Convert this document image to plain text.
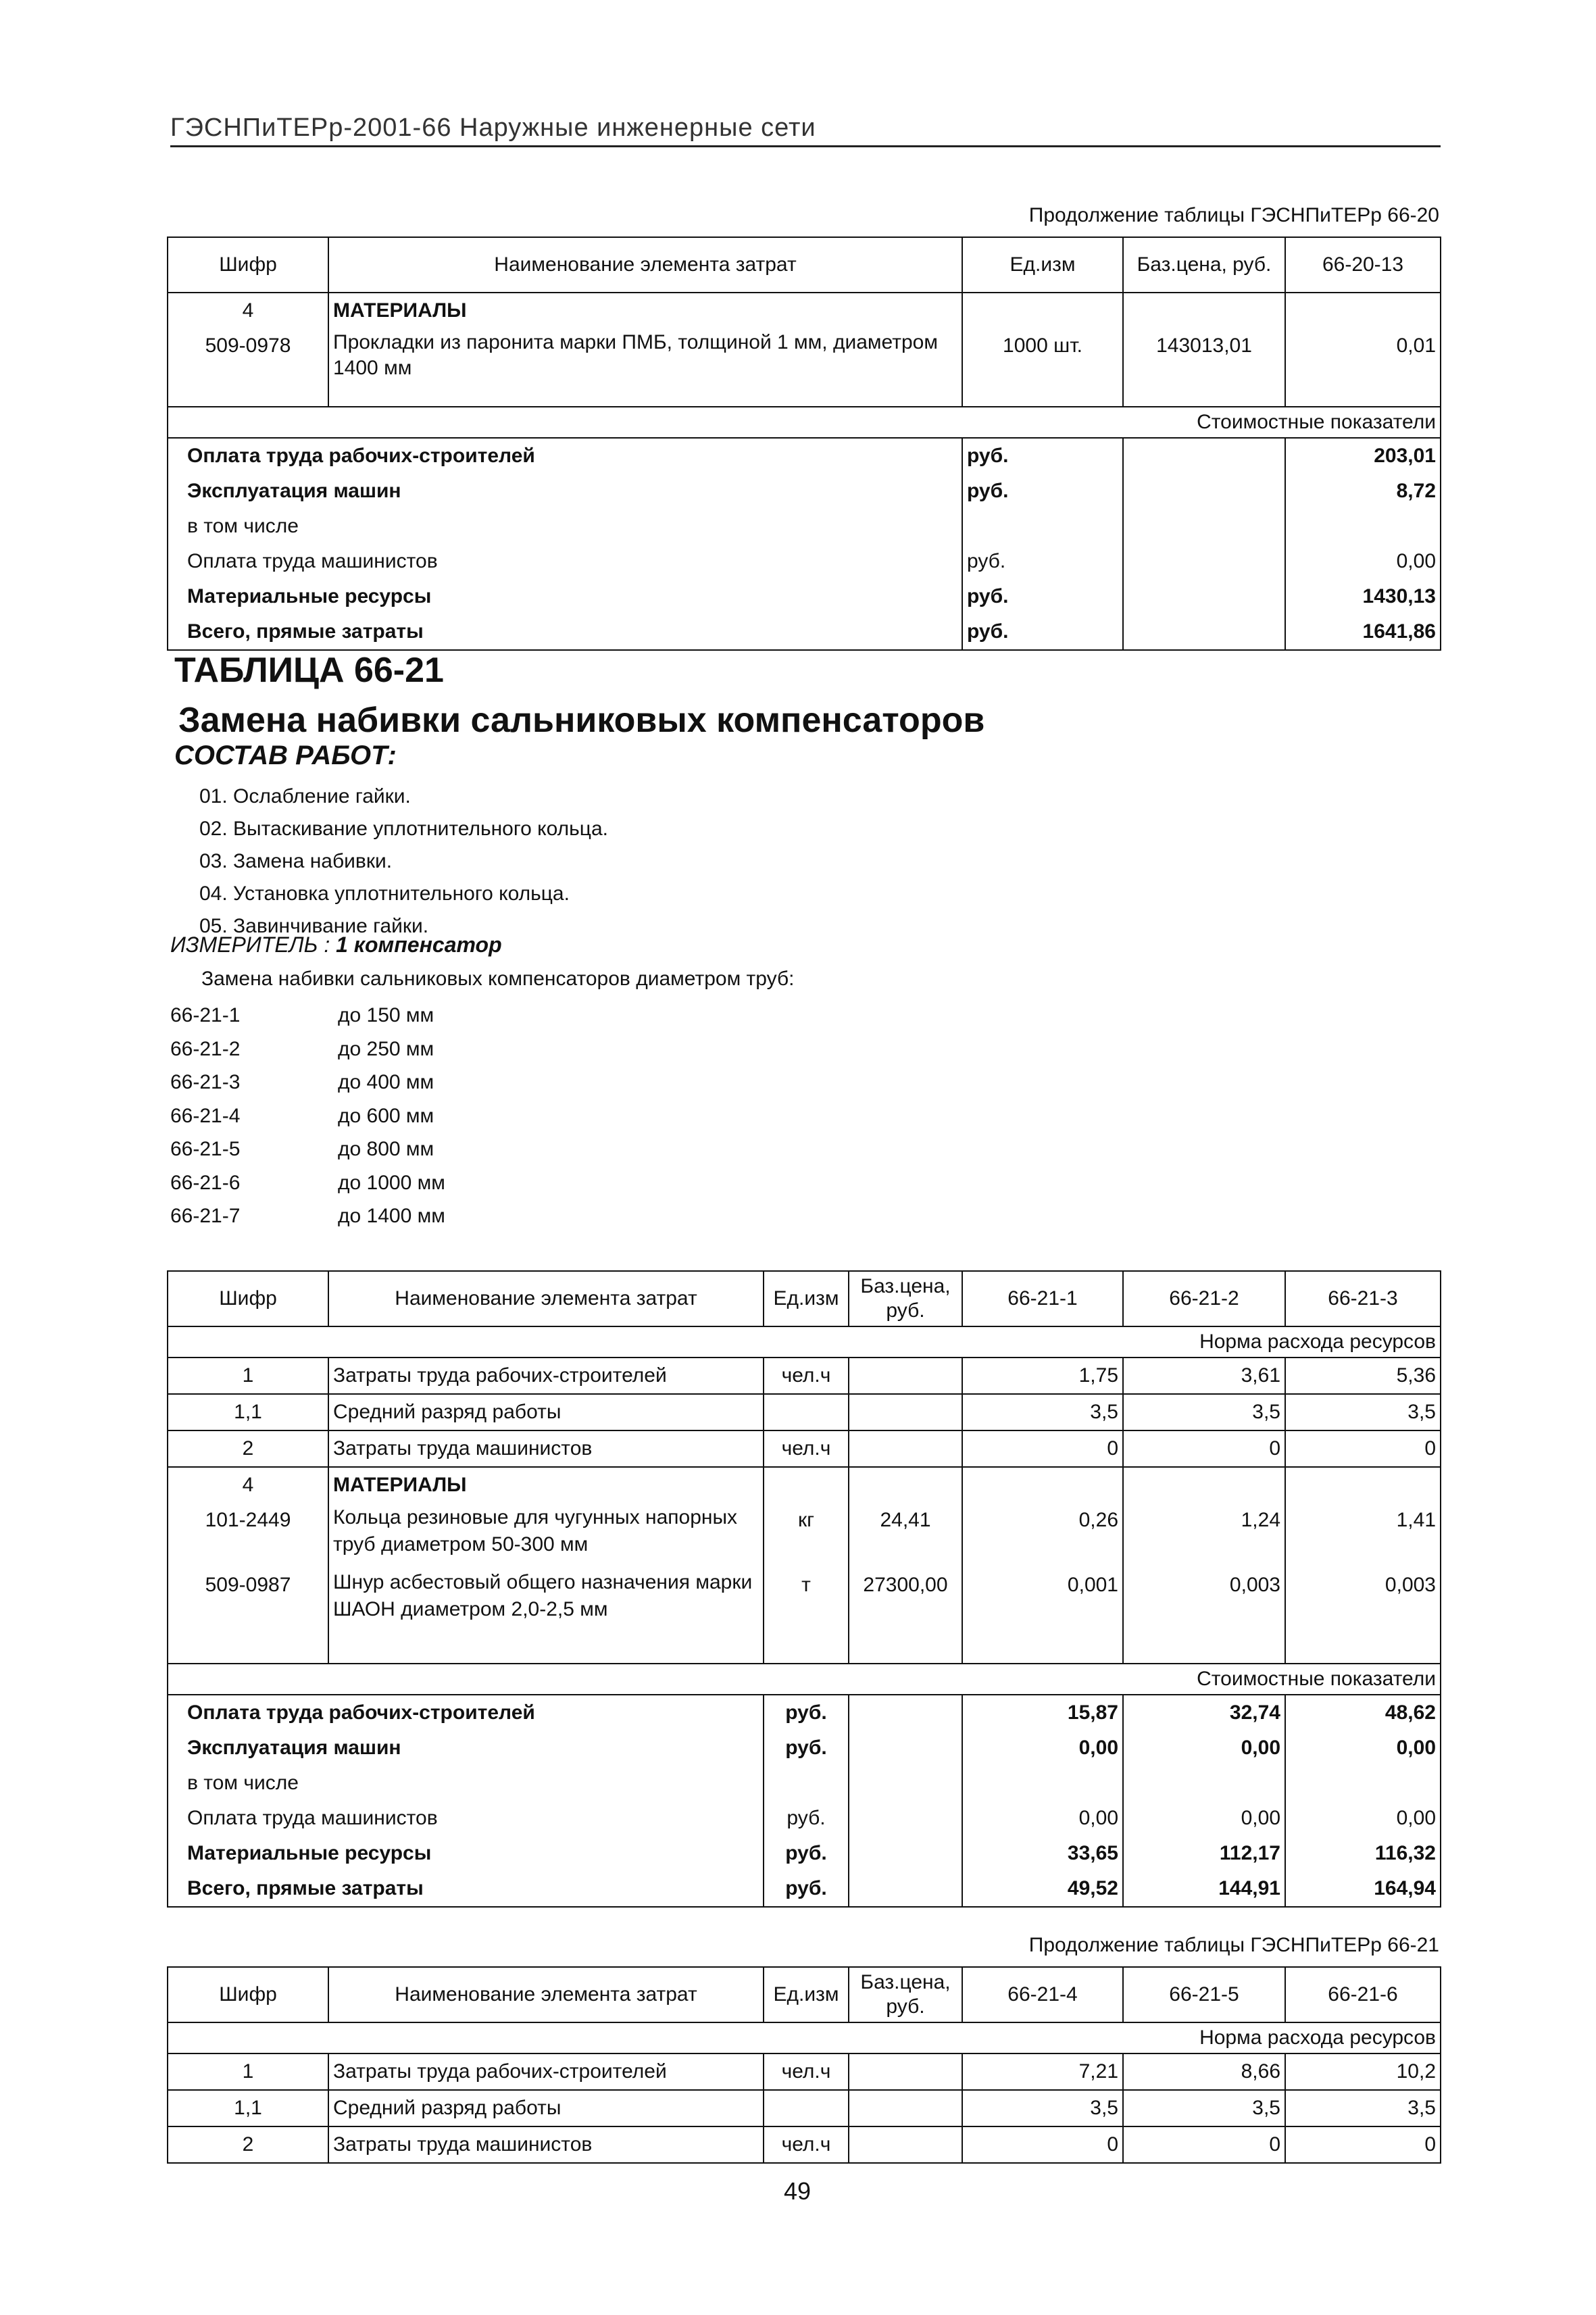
ГЭСНПиТЕРр-2001-66 Наружные инженерные сети
Продолжение таблицы ГЭСНПиТЕРр 66-20
Шифр	Наименование элемента затрат	Ед.изм	Баз.цена, руб.	66-20-13
4	МАТЕРИАЛЫ			
509-0978	Прокладки из паронита марки ПМБ, толщиной 1 мм, диаметром 1400 мм	1000 шт.	143013,01	0,01
Стоимостные показатели				
Оплата труда рабочих-строителей		руб.		203,01
Эксплуатация машин		руб.		8,72
в том числе				
Оплата труда машинистов		руб.		0,00
Материальные ресурсы		руб.		1430,13
Всего, прямые затраты		руб.		1641,86
ТАБЛИЦА 66-21
Замена набивки сальниковых компенсаторов
СОСТАВ РАБОТ:
01. Ослабление гайки.
02. Вытаскивание уплотнительного кольца.
03. Замена набивки.
04. Установка уплотнительного кольца.
05. Завинчивание гайки.
ИЗМЕРИТЕЛЬ : 1 компенсатор
Замена набивки сальниковых компенсаторов диаметром труб:
66-21-1	до 150 мм
66-21-2	до 250 мм
66-21-3	до 400 мм
66-21-4	до 600 мм
66-21-5	до 800 мм
66-21-6	до 1000 мм
66-21-7	до 1400 мм
Шифр	Наименование элемента затрат	Ед.изм	Баз.цена, руб.	66-21-1	66-21-2	66-21-3
Норма расхода ресурсов						
1	Затраты труда рабочих-строителей	чел.ч		1,75	3,61	5,36
1,1	Средний разряд работы			3,5	3,5	3,5
2	Затраты труда машинистов	чел.ч		0	0	0
4	МАТЕРИАЛЫ					
101-2449	Кольца резиновые для чугунных напорных труб диаметром 50-300 мм	кг	24,41	0,26	1,24	1,41
509-0987	Шнур асбестовый общего назначения марки ШАОН диаметром 2,0-2,5 мм	т	27300,00	0,001	0,003	0,003
Стоимостные показатели						
Оплата труда рабочих-строителей		руб.		15,87	32,74	48,62
Эксплуатация машин		руб.		0,00	0,00	0,00
в том числе						
Оплата труда машинистов		руб.		0,00	0,00	0,00
Материальные ресурсы		руб.		33,65	112,17	116,32
Всего, прямые затраты		руб.		49,52	144,91	164,94
Продолжение таблицы ГЭСНПиТЕРр 66-21
Шифр	Наименование элемента затрат	Ед.изм	Баз.цена, руб.	66-21-4	66-21-5	66-21-6
Норма расхода ресурсов						
1	Затраты труда рабочих-строителей	чел.ч		7,21	8,66	10,2
1,1	Средний разряд работы			3,5	3,5	3,5
2	Затраты труда машинистов	чел.ч		0	0	0
49
